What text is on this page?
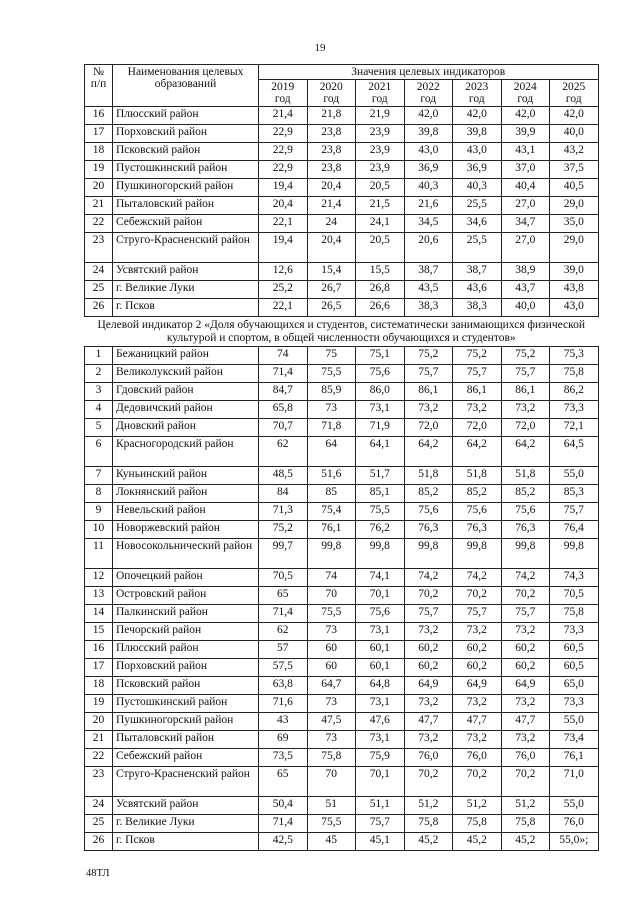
19
№ п/п	Наименования целевых образований	Значения целевых индикаторов						
		2019 год	2020 год	2021 год	2022 год	2023 год	2024 год	2025 год
16	Плюсский район	21,4	21,8	21,9	42,0	42,0	42,0	42,0
17	Порховский район	22,9	23,8	23,9	39,8	39,8	39,9	40,0
18	Псковский район	22,9	23,8	23,9	43,0	43,0	43,1	43,2
19	Пустошкинский район	22,9	23,8	23,9	36,9	36,9	37,0	37,5
20	Пушкиногорский район	19,4	20,4	20,5	40,3	40,3	40,4	40,5
21	Пыталовский район	20,4	21,4	21,5	21,6	25,5	27,0	29,0
22	Себежский район	22,1	24	24,1	34,5	34,6	34,7	35,0
23	Струго-Красненский район	19,4	20,4	20,5	20,6	25,5	27,0	29,0
24	Усвятский район	12,6	15,4	15,5	38,7	38,7	38,9	39,0
25	г. Великие Луки	25,2	26,7	26,8	43,5	43,6	43,7	43,8
26	г. Псков	22,1	26,5	26,6	38,3	38,3	40,0	43,0
Целевой индикатор 2 «Доля обучающихся и студентов, систематически занимающихся физической культурой и спортом, в общей численности обучающихся и студентов»								
1	Бежаницкий район	74	75	75,1	75,2	75,2	75,2	75,3
2	Великолукский район	71,4	75,5	75,6	75,7	75,7	75,7	75,8
3	Гдовский район	84,7	85,9	86,0	86,1	86,1	86,1	86,2
4	Дедовичский район	65,8	73	73,1	73,2	73,2	73,2	73,3
5	Дновский район	70,7	71,8	71,9	72,0	72,0	72,0	72,1
6	Красногородский район	62	64	64,1	64,2	64,2	64,2	64,5
7	Куньинский район	48,5	51,6	51,7	51,8	51,8	51,8	55,0
8	Локнянский район	84	85	85,1	85,2	85,2	85,2	85,3
9	Невельский район	71,3	75,4	75,5	75,6	75,6	75,6	75,7
10	Новоржевский район	75,2	76,1	76,2	76,3	76,3	76,3	76,4
11	Новосокольнический район	99,7	99,8	99,8	99,8	99,8	99,8	99,8
12	Опочецкий район	70,5	74	74,1	74,2	74,2	74,2	74,3
13	Островский район	65	70	70,1	70,2	70,2	70,2	70,5
14	Палкинский район	71,4	75,5	75,6	75,7	75,7	75,7	75,8
15	Печорский район	62	73	73,1	73,2	73,2	73,2	73,3
16	Плюсский район	57	60	60,1	60,2	60,2	60,2	60,5
17	Порховский район	57,5	60	60,1	60,2	60,2	60,2	60,5
18	Псковский район	63,8	64,7	64,8	64,9	64,9	64,9	65,0
19	Пустошкинский район	71,6	73	73,1	73,2	73,2	73,2	73,3
20	Пушкиногорский район	43	47,5	47,6	47,7	47,7	47,7	55,0
21	Пыталовский район	69	73	73,1	73,2	73,2	73,2	73,4
22	Себежский район	73,5	75,8	75,9	76,0	76,0	76,0	76,1
23	Струго-Красненский район	65	70	70,1	70,2	70,2	70,2	71,0
24	Усвятский район	50,4	51	51,1	51,2	51,2	51,2	55,0
25	г. Великие Луки	71,4	75,5	75,7	75,8	75,8	75,8	76,0
26	г. Псков	42,5	45	45,1	45,2	45,2	45,2	55,0»;
48ТЛ
